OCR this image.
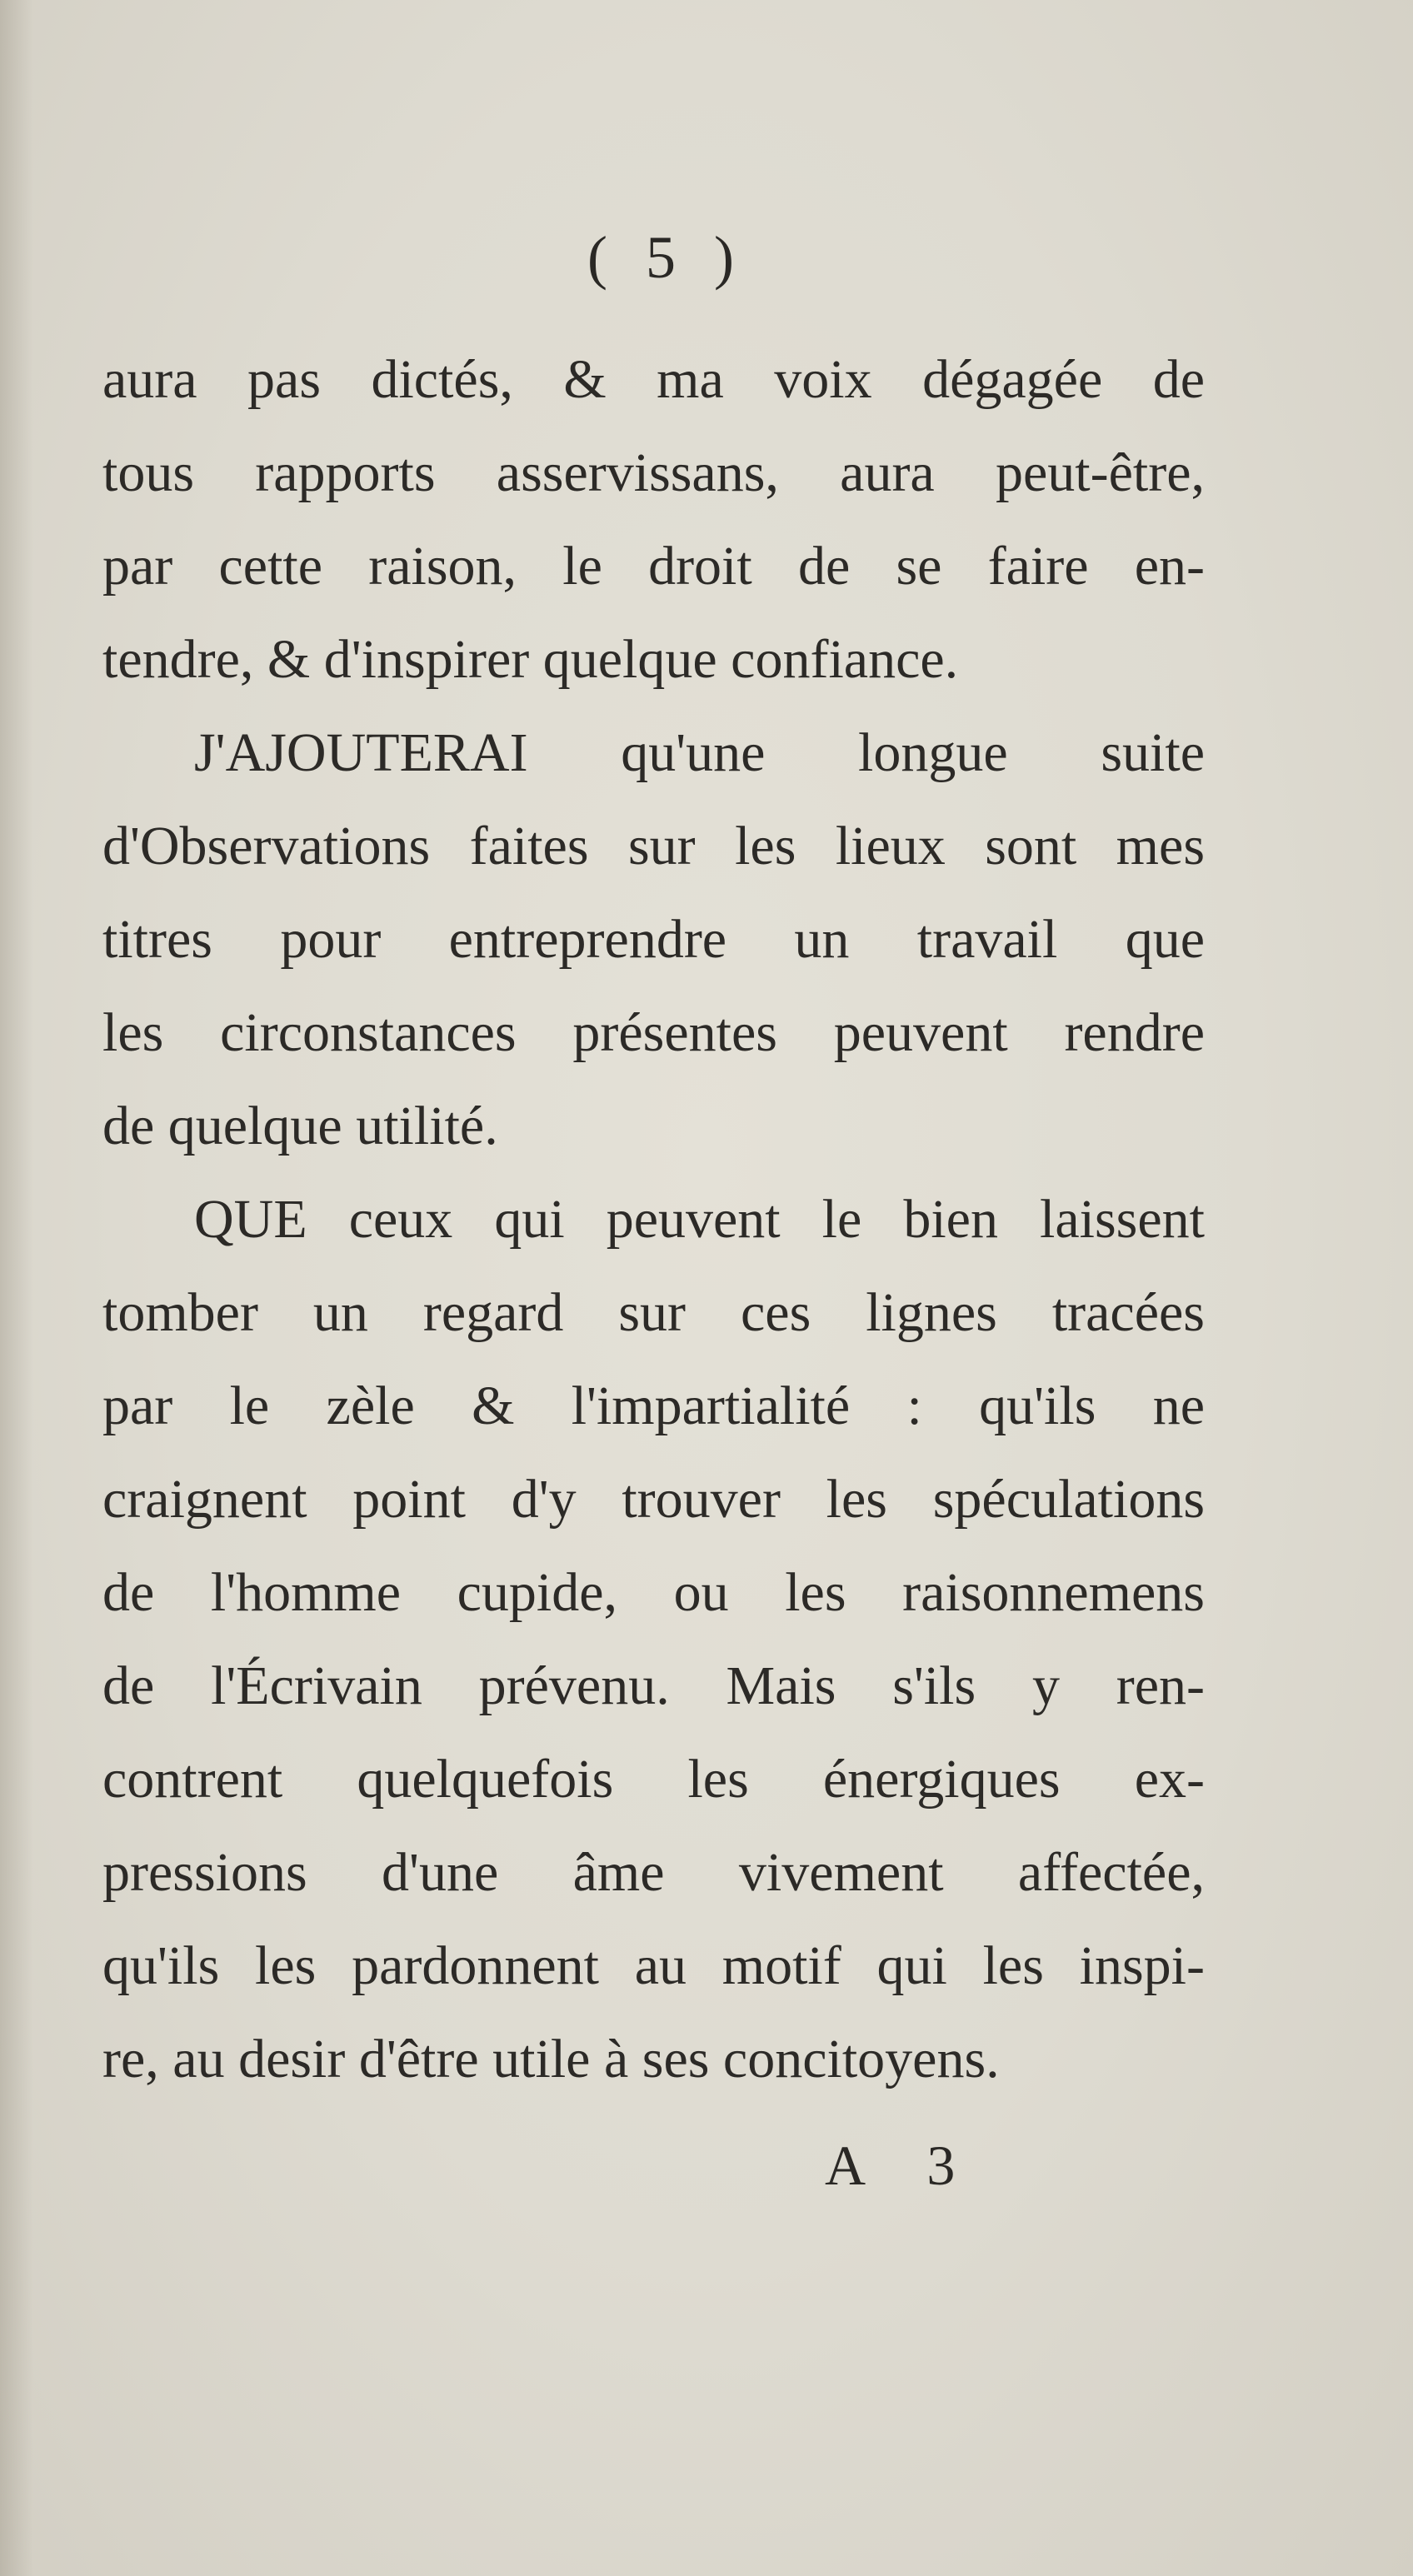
( 5 )
aura pas dictés, & ma voix dégagée de
tous rapports asservissans, aura peut-être,
par cette raison, le droit de se faire en-
tendre, & d'inspirer quelque confiance.
J'AJOUTERAI qu'une longue suite
d'Observations faites sur les lieux sont mes
titres pour entreprendre un travail que
les circonstances présentes peuvent rendre
de quelque utilité.
QUE ceux qui peuvent le bien laissent
tomber un regard sur ces lignes tracées
par le zèle & l'impartialité : qu'ils ne
craignent point d'y trouver les spéculations
de l'homme cupide, ou les raisonnemens
de l'Écrivain prévenu. Mais s'ils y ren-
contrent quelquefois les énergiques ex-
pressions d'une âme vivement affectée,
qu'ils les pardonnent au motif qui les inspi-
re, au desir d'être utile à ses concitoyens.
A 3
